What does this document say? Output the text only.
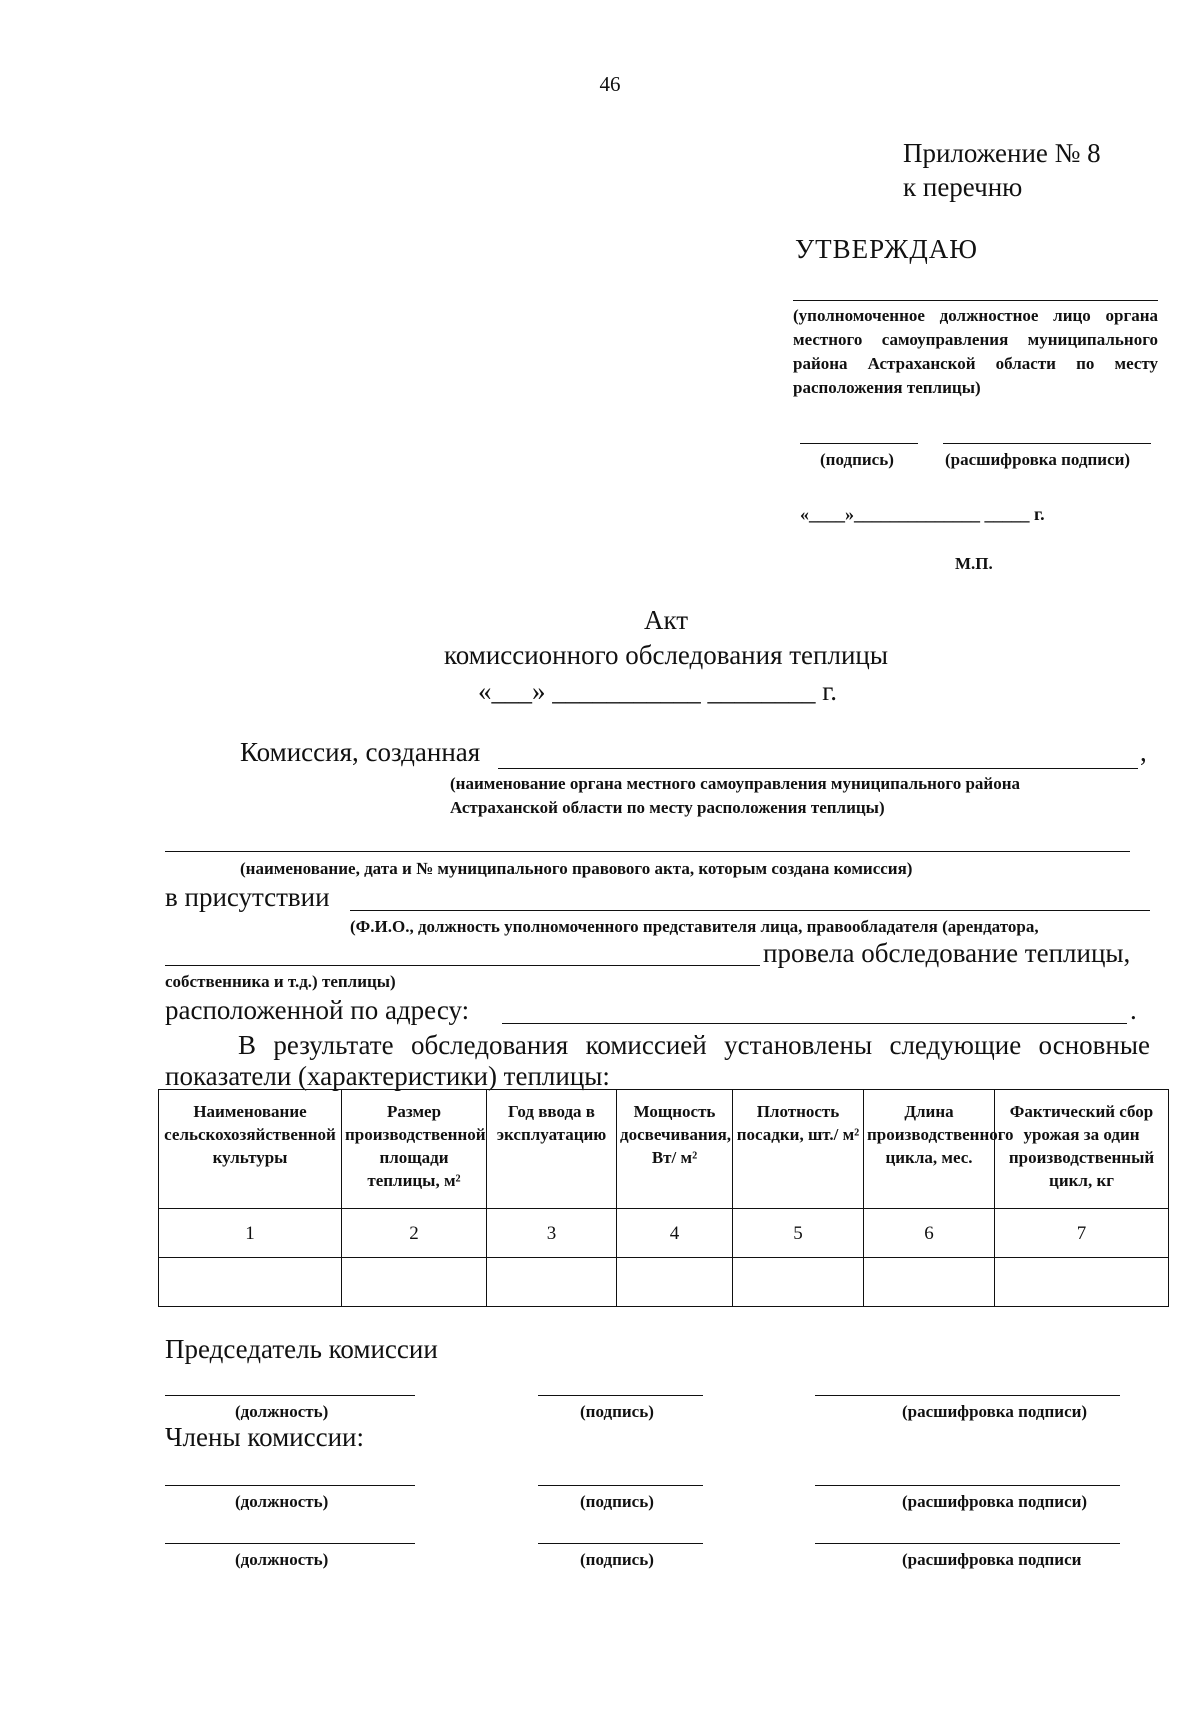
46
Приложение № 8
к перечню
УТВЕРЖДАЮ
(уполномоченное должностное лицо органа местного самоуправления муниципального района Астраханской области по месту расположения теплицы)
(подпись)	(расшифровка подписи)
«____»______________ _____ г.
М.П.
Акт
комиссионного обследования теплицы
«___» ___________ ________ г.
Комиссия, созданная	,
(наименование органа местного самоуправления муниципального района Астраханской области по месту расположения теплицы)
(наименование, дата и № муниципального правового акта, которым создана комиссия)
в присутствии
(Ф.И.О., должность уполномоченного представителя лица, правообладателя (арендатора,
провела обследование теплицы,
собственника и т.д.) теплицы)
расположенной по адресу:	.
В результате обследования комиссией установлены следующие основные показатели (характеристики) теплицы:
Наименование сельскохозяйственной культуры	Размер производственной площади теплицы, м²	Год ввода в эксплуатацию	Мощность досвечивания, Вт/ м²	Плотность посадки, шт./ м²	Длина производственного цикла, мес.	Фактический сбор урожая за один производственный цикл, кг
1	2	3	4	5	6	7

Председатель комиссии
(должность)	(подпись)	(расшифровка подписи)
Члены комиссии:
(должность)	(подпись)	(расшифровка подписи)
(должность)	(подпись)	(расшифровка подписи
